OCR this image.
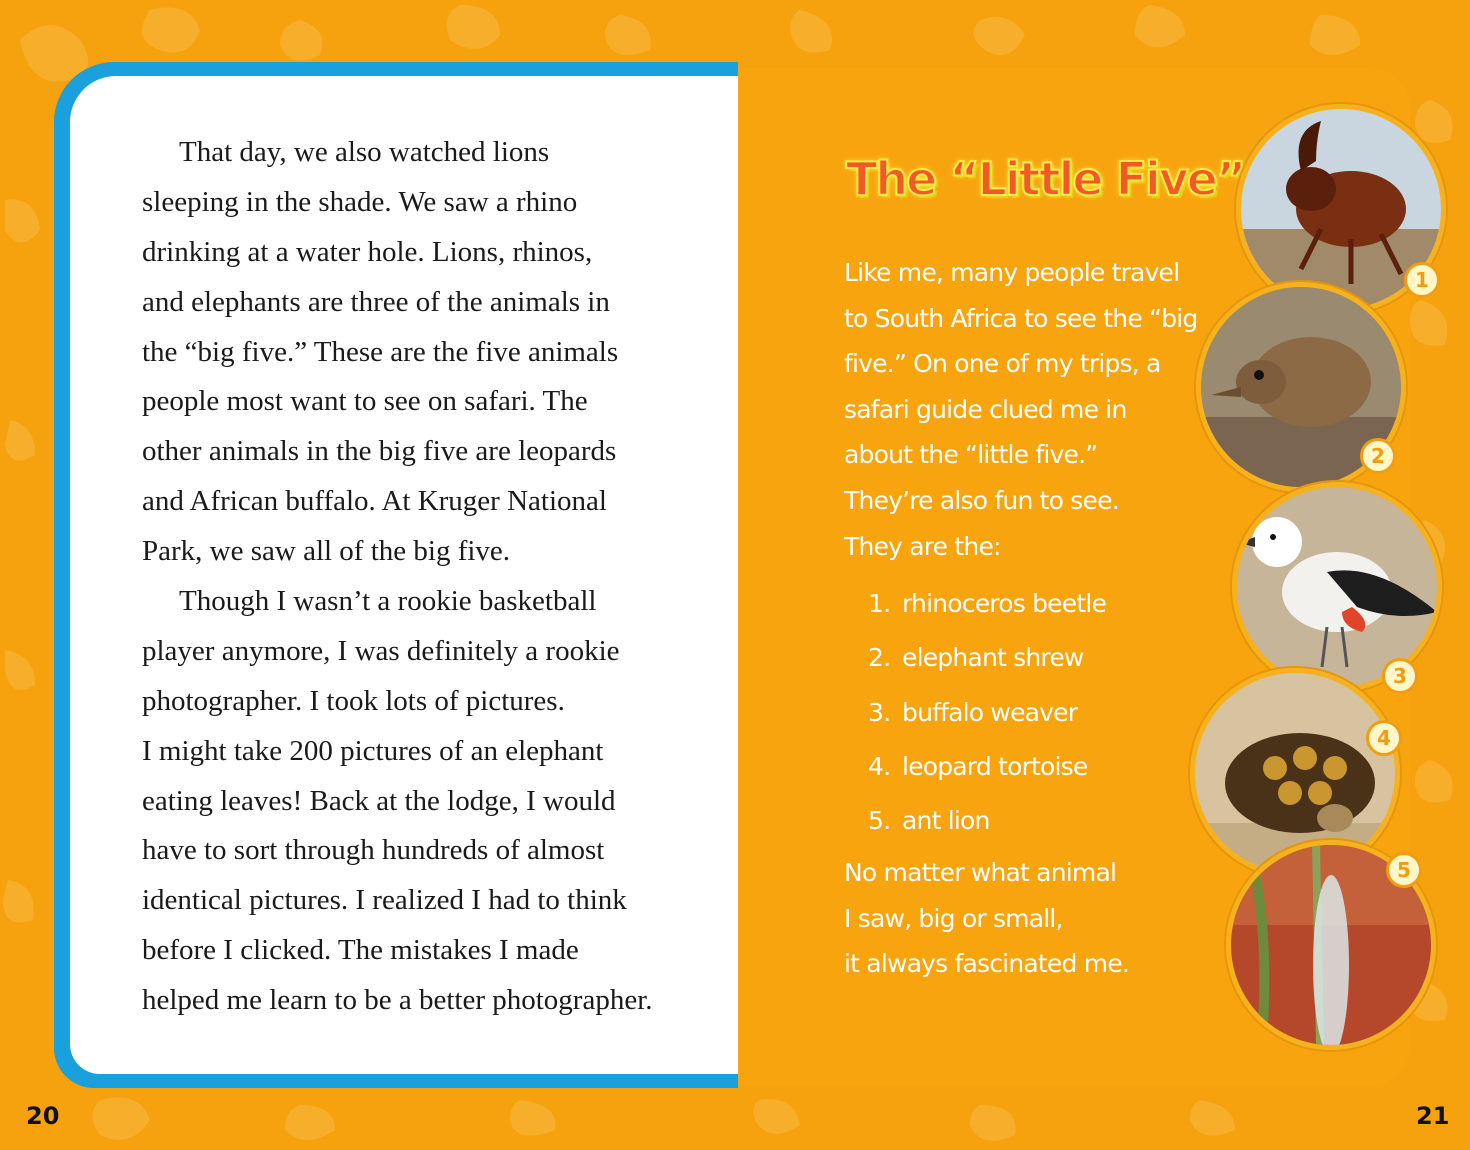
That day, we also watched lions
sleeping in the shade. We saw a rhino
drinking at a water hole. Lions, rhinos,
and elephants are three of the animals in
the “big five.” These are the five animals
people most want to see on safari. The
other animals in the big five are leopards
and African buffalo. At Kruger National
Park, we saw all of the big five.
Though I wasn’t a rookie basketball
player anymore, I was definitely a rookie
photographer. I took lots of pictures.
I might take 200 pictures of an elephant
eating leaves! Back at the lodge, I would
have to sort through hundreds of almost
identical pictures. I realized I had to think
before I clicked. The mistakes I made
helped me learn to be a better photographer.
20
The “Little Five”
Like me, many people travel
to South Africa to see the “big
five.” On one of my trips, a
safari guide clued me in
about the “little five.”
They’re also fun to see.
They are the:
1. rhinoceros beetle
2. elephant shrew
3. buffalo weaver
4. leopard tortoise
5. ant lion
No matter what animal
I saw, big or small,
it always fascinated me.
1
2
3
4
5
21
